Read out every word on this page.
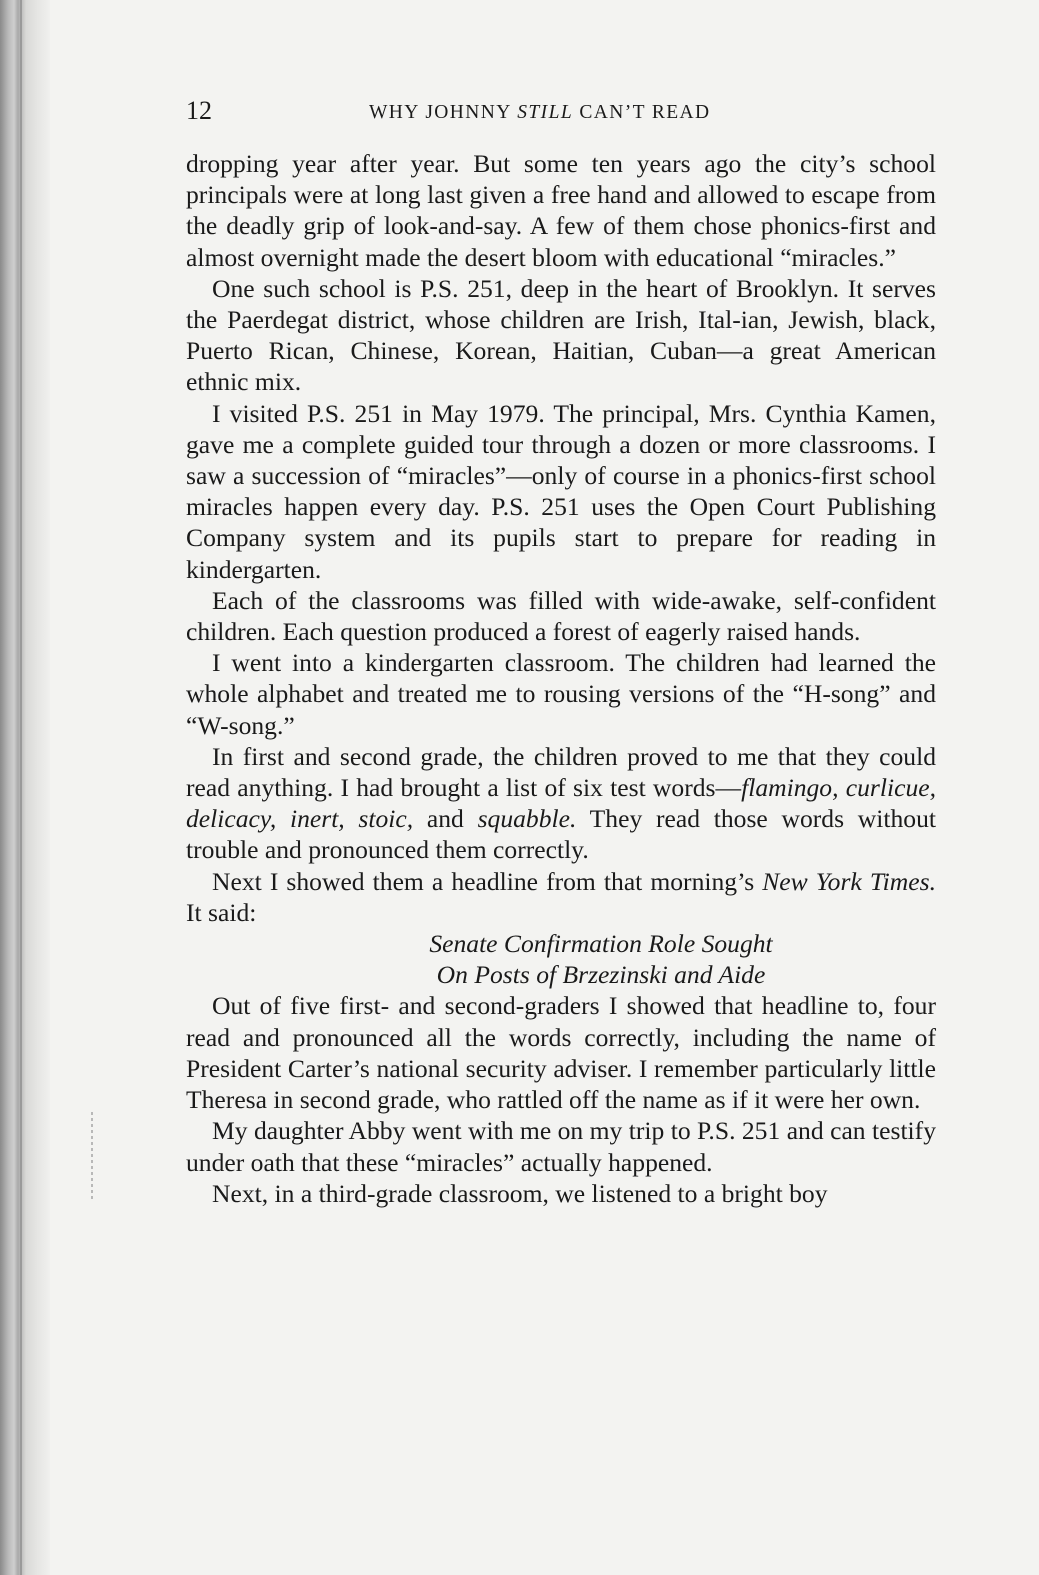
12	WHY JOHNNY STILL CAN’T READ

dropping year after year. But some ten years ago the city’s school principals were at long last given a free hand and allowed to escape from the deadly grip of look-and-say. A few of them chose phonics-first and almost overnight made the desert bloom with educational “miracles.”

One such school is P.S. 251, deep in the heart of Brooklyn. It serves the Paerdegat district, whose children are Irish, Ital-ian, Jewish, black, Puerto Rican, Chinese, Korean, Haitian, Cuban—a great American ethnic mix.

I visited P.S. 251 in May 1979. The principal, Mrs. Cynthia Kamen, gave me a complete guided tour through a dozen or more classrooms. I saw a succession of “miracles”—only of course in a phonics-first school miracles happen every day. P.S. 251 uses the Open Court Publishing Company system and its pupils start to prepare for reading in kindergarten.

Each of the classrooms was filled with wide-awake, self-confident children. Each question produced a forest of eagerly raised hands.

I went into a kindergarten classroom. The children had learned the whole alphabet and treated me to rousing versions of the “H-song” and “W-song.”

In first and second grade, the children proved to me that they could read anything. I had brought a list of six test words—flamingo, curlicue, delicacy, inert, stoic, and squabble. They read those words without trouble and pronounced them correctly.

Next I showed them a headline from that morning’s New York Times. It said:

Senate Confirmation Role Sought
On Posts of Brzezinski and Aide

Out of five first- and second-graders I showed that headline to, four read and pronounced all the words correctly, including the name of President Carter’s national security adviser. I remember particularly little Theresa in second grade, who rattled off the name as if it were her own.

My daughter Abby went with me on my trip to P.S. 251 and can testify under oath that these “miracles” actually happened.

Next, in a third-grade classroom, we listened to a bright boy
